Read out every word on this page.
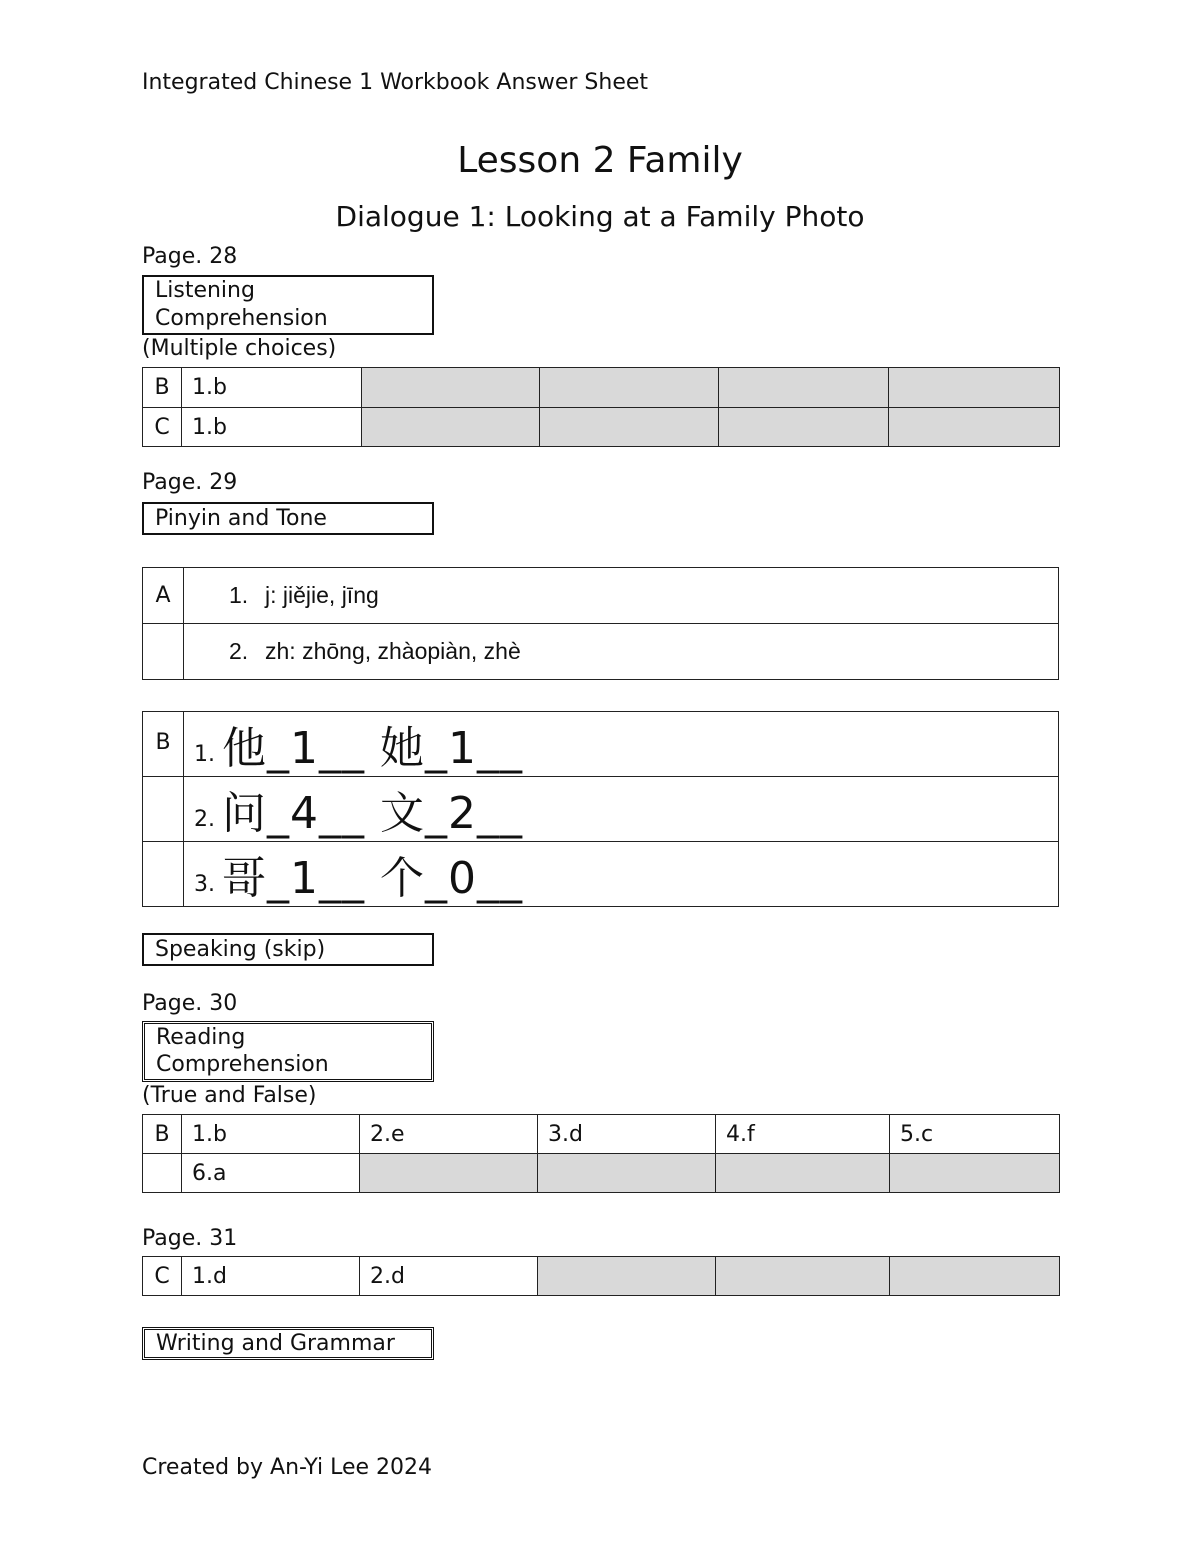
Integrated Chinese 1 Workbook Answer Sheet
Lesson 2 Family
Dialogue 1: Looking at a Family Photo
Page. 28
Listening
Comprehension
(Multiple choices)
B	1.b				
C	1.b				
Page. 29
Pinyin and Tone
A	1. j: jiějie, jīng
	2. zh: zhōng, zhàopiàn, zhè
B	1. 他_1__ 她_1__
	2. 问_4__ 文_2__
	3. 哥_1__ 个_0__
Speaking (skip)
Page. 30
Reading
Comprehension
(True and False)
B	1.b	2.e	3.d	4.f	5.c
	6.a				
Page. 31
C	1.d	2.d			
Writing and Grammar
Created by An-Yi Lee 2024
